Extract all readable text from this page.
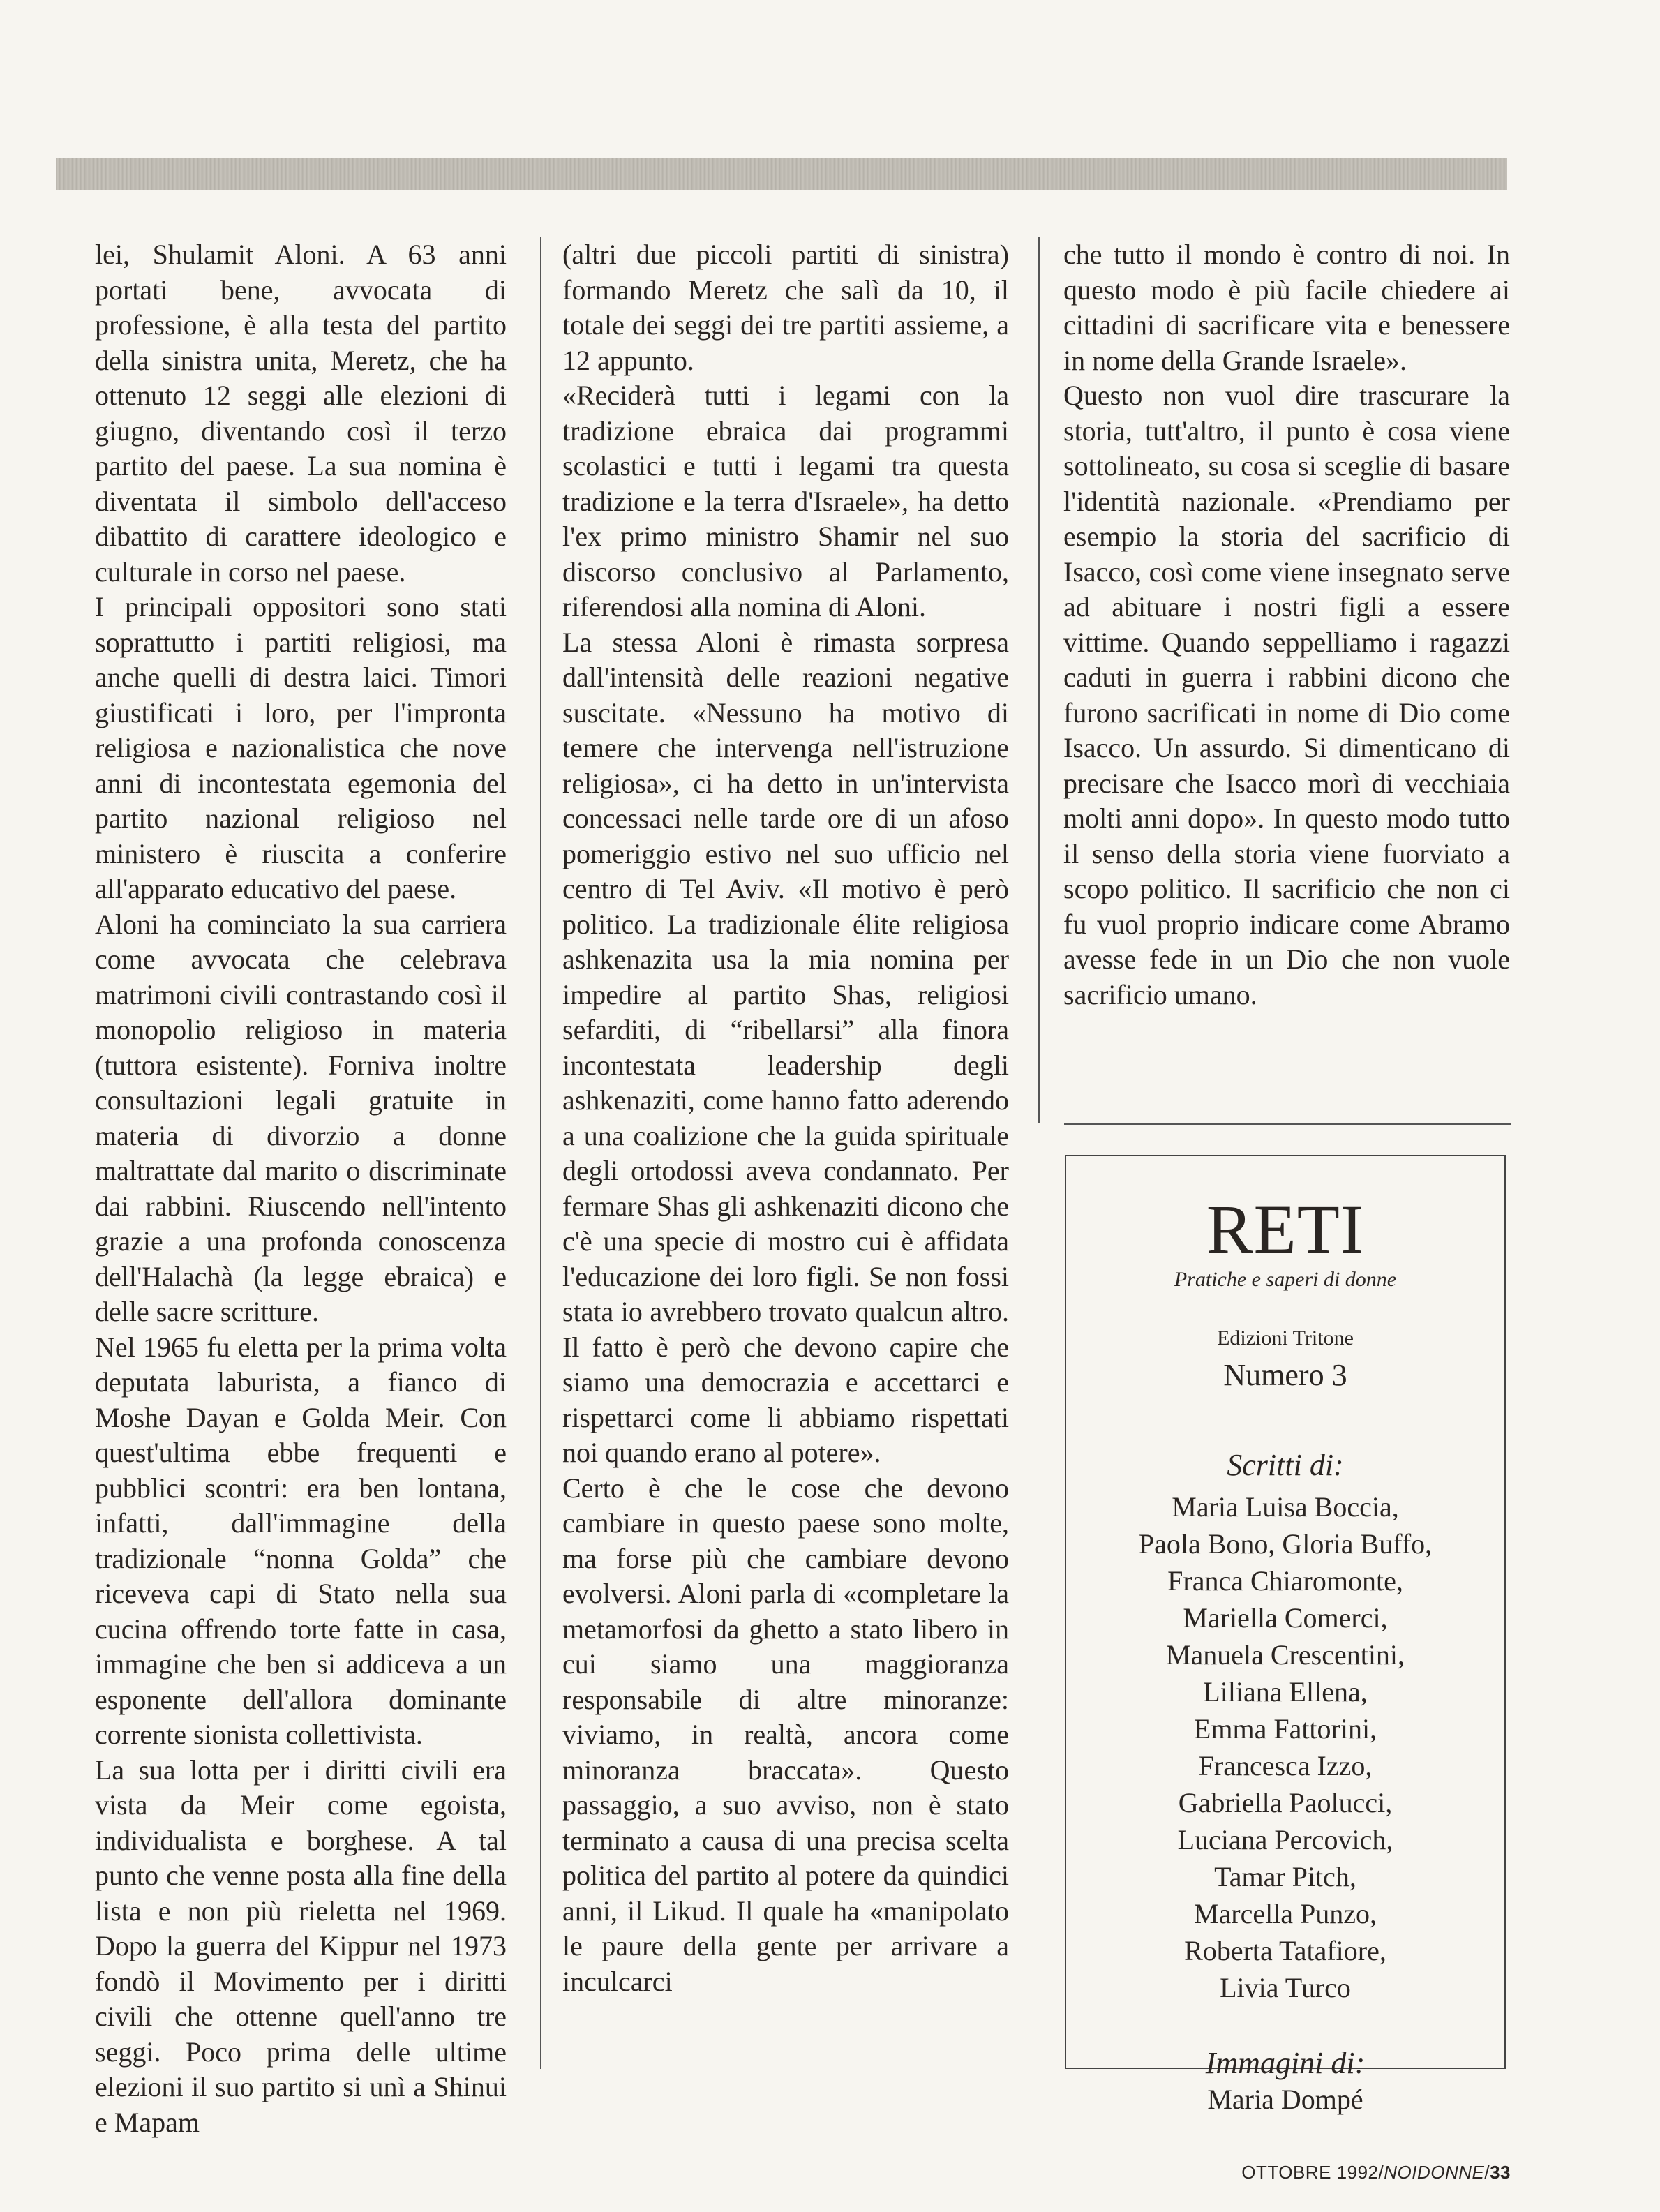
lei, Shulamit Aloni. A 63 anni portati bene, avvocata di professione, è alla testa del partito della sinistra unita, Meretz, che ha ottenuto 12 seggi alle elezioni di giugno, diventando così il terzo partito del paese. La sua nomina è diventata il simbolo dell'acceso dibattito di carattere ideologico e culturale in corso nel paese.

I principali oppositori sono stati soprattutto i partiti religiosi, ma anche quelli di destra laici. Timori giustificati i loro, per l'impronta religiosa e nazionalistica che nove anni di incontestata egemonia del partito nazional religioso nel ministero è riuscita a conferire all'apparato educativo del paese.

Aloni ha cominciato la sua carriera come avvocata che celebrava matrimoni civili contrastando così il monopolio religioso in materia (tuttora esistente). Forniva inoltre consultazioni legali gratuite in materia di divorzio a donne maltrattate dal marito o discriminate dai rabbini. Riuscendo nell'intento grazie a una profonda conoscenza dell'Halachà (la legge ebraica) e delle sacre scritture.

Nel 1965 fu eletta per la prima volta deputata laburista, a fianco di Moshe Dayan e Golda Meir. Con quest'ultima ebbe frequenti e pubblici scontri: era ben lontana, infatti, dall'immagine della tradizionale “nonna Golda” che riceveva capi di Stato nella sua cucina offrendo torte fatte in casa, immagine che ben si addiceva a un esponente dell'allora dominante corrente sionista collettivista.

La sua lotta per i diritti civili era vista da Meir come egoista, individualista e borghese. A tal punto che venne posta alla fine della lista e non più rieletta nel 1969. Dopo la guerra del Kippur nel 1973 fondò il Movimento per i diritti civili che ottenne quell'anno tre seggi. Poco prima delle ultime elezioni il suo partito si unì a Shinui e Mapam

(altri due piccoli partiti di sinistra) formando Meretz che salì da 10, il totale dei seggi dei tre partiti assieme, a 12 appunto.

«Reciderà tutti i legami con la tradizione ebraica dai programmi scolastici e tutti i legami tra questa tradizione e la terra d'Israele», ha detto l'ex primo ministro Shamir nel suo discorso conclusivo al Parlamento, riferendosi alla nomina di Aloni.

La stessa Aloni è rimasta sorpresa dall'intensità delle reazioni negative suscitate. «Nessuno ha motivo di temere che intervenga nell'istruzione religiosa», ci ha detto in un'intervista concessaci nelle tarde ore di un afoso pomeriggio estivo nel suo ufficio nel centro di Tel Aviv. «Il motivo è però politico. La tradizionale élite religiosa ashkenazita usa la mia nomina per impedire al partito Shas, religiosi sefarditi, di “ribellarsi” alla finora incontestata leadership degli ashkenaziti, come hanno fatto aderendo a una coalizione che la guida spirituale degli ortodossi aveva condannato. Per fermare Shas gli ashkenaziti dicono che c'è una specie di mostro cui è affidata l'educazione dei loro figli. Se non fossi stata io avrebbero trovato qualcun altro. Il fatto è però che devono capire che siamo una democrazia e accettarci e rispettarci come li abbiamo rispettati noi quando erano al potere».

Certo è che le cose che devono cambiare in questo paese sono molte, ma forse più che cambiare devono evolversi. Aloni parla di «completare la metamorfosi da ghetto a stato libero in cui siamo una maggioranza responsabile di altre minoranze: viviamo, in realtà, ancora come minoranza braccata». Questo passaggio, a suo avviso, non è stato terminato a causa di una precisa scelta politica del partito al potere da quindici anni, il Likud. Il quale ha «manipolato le paure della gente per arrivare a inculcarci

che tutto il mondo è contro di noi. In questo modo è più facile chiedere ai cittadini di sacrificare vita e benessere in nome della Grande Israele».

Questo non vuol dire trascurare la storia, tutt'altro, il punto è cosa viene sottolineato, su cosa si sceglie di basare l'identità nazionale. «Prendiamo per esempio la storia del sacrificio di Isacco, così come viene insegnato serve ad abituare i nostri figli a essere vittime. Quando seppelliamo i ragazzi caduti in guerra i rabbini dicono che furono sacrificati in nome di Dio come Isacco. Un assurdo. Si dimenticano di precisare che Isacco morì di vecchiaia molti anni dopo». In questo modo tutto il senso della storia viene fuorviato a scopo politico. Il sacrificio che non ci fu vuol proprio indicare come Abramo avesse fede in un Dio che non vuole sacrificio umano.

RETI
Pratiche e saperi di donne
Edizioni Tritone
Numero 3
Scritti di:
Maria Luisa Boccia,
Paola Bono, Gloria Buffo,
Franca Chiaromonte,
Mariella Comerci,
Manuela Crescentini,
Liliana Ellena,
Emma Fattorini,
Francesca Izzo,
Gabriella Paolucci,
Luciana Percovich,
Tamar Pitch,
Marcella Punzo,
Roberta Tatafiore,
Livia Turco
Immagini di:
Maria Dompé
OTTOBRE 1992/NOIDONNE/33
